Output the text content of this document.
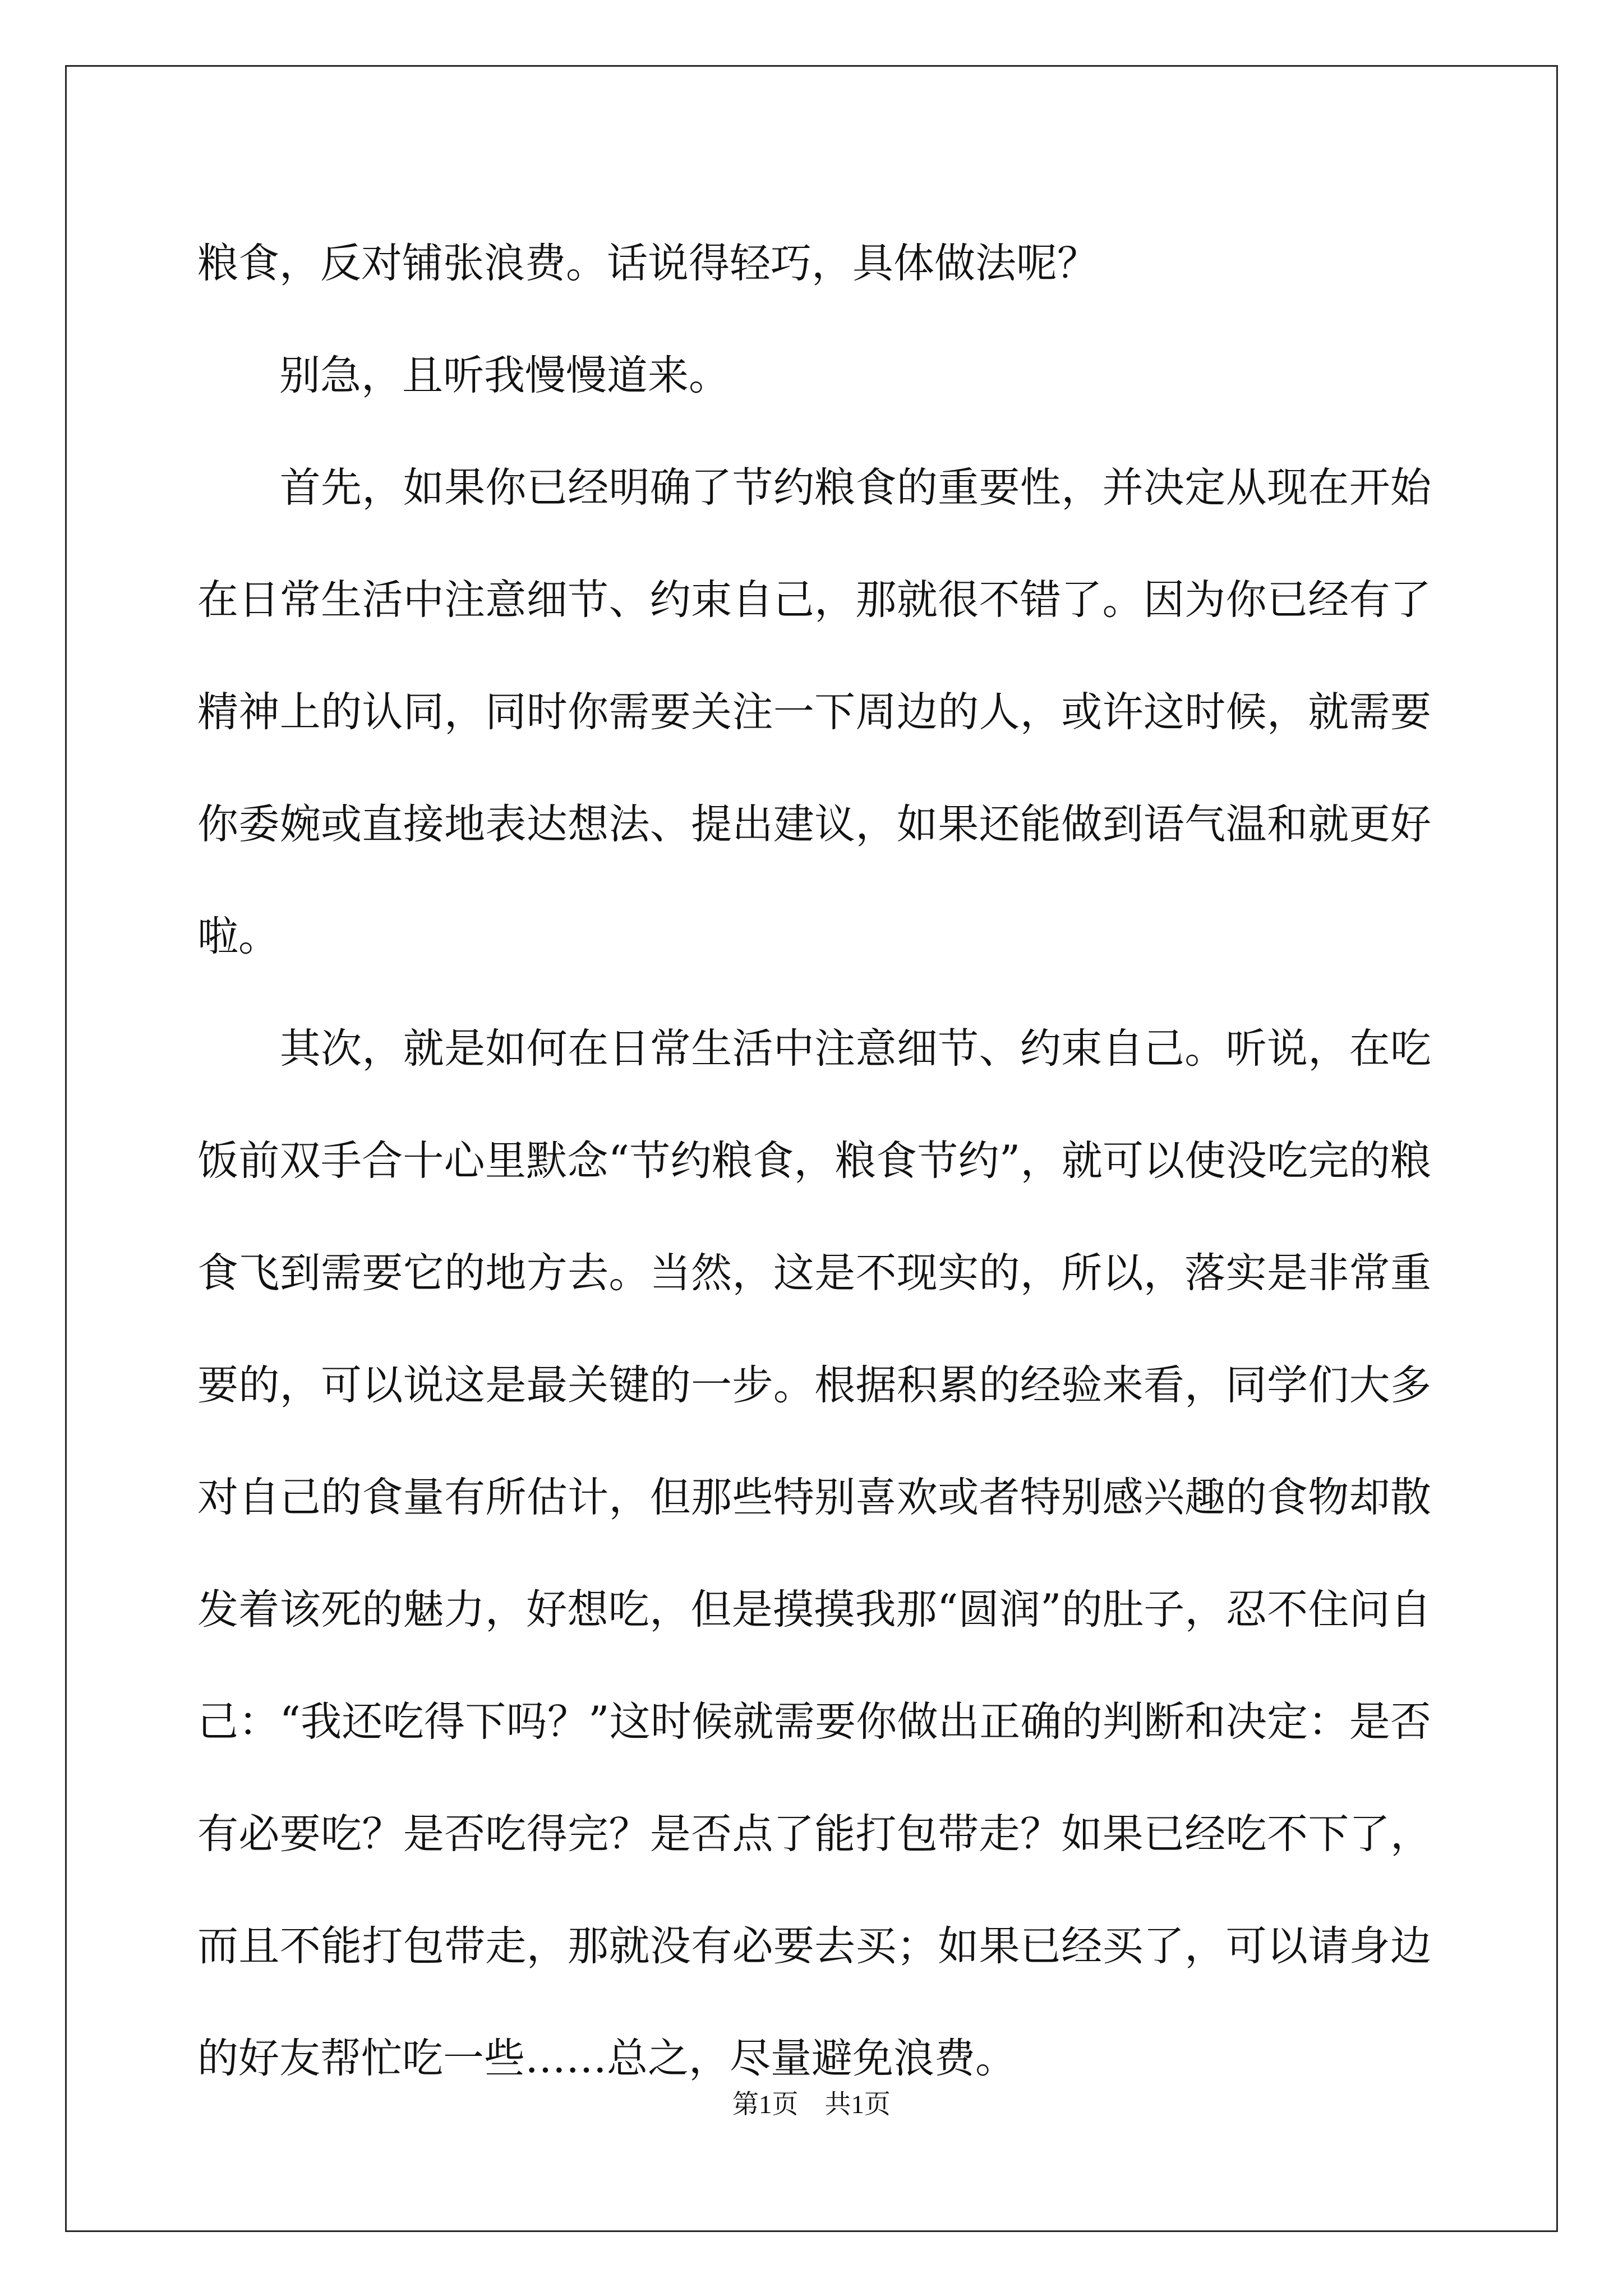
粮食，反对铺张浪费。话说得轻巧，具体做法呢？

　　别急，且听我慢慢道来。

　　首先，如果你已经明确了节约粮食的重要性，并决定从现在开始在日常生活中注意细节、约束自己，那就很不错了。因为你已经有了精神上的认同，同时你需要关注一下周边的人，或许这时候，就需要你委婉或直接地表达想法、提出建议，如果还能做到语气温和就更好啦。

　　其次，就是如何在日常生活中注意细节、约束自己。听说，在吃饭前双手合十心里默念“节约粮食，粮食节约”，就可以使没吃完的粮食飞到需要它的地方去。当然，这是不现实的，所以，落实是非常重要的，可以说这是最关键的一步。根据积累的经验来看，同学们大多对自己的食量有所估计，但那些特别喜欢或者特别感兴趣的食物却散发着该死的魅力，好想吃，但是摸摸我那“圆润”的肚子，忍不住问自己：“我还吃得下吗？”这时候就需要你做出正确的判断和决定：是否有必要吃？是否吃得完？是否点了能打包带走？如果已经吃不下了，而且不能打包带走，那就没有必要去买；如果已经买了，可以请身边的好友帮忙吃一些……总之，尽量避免浪费。

第1页　共1页
